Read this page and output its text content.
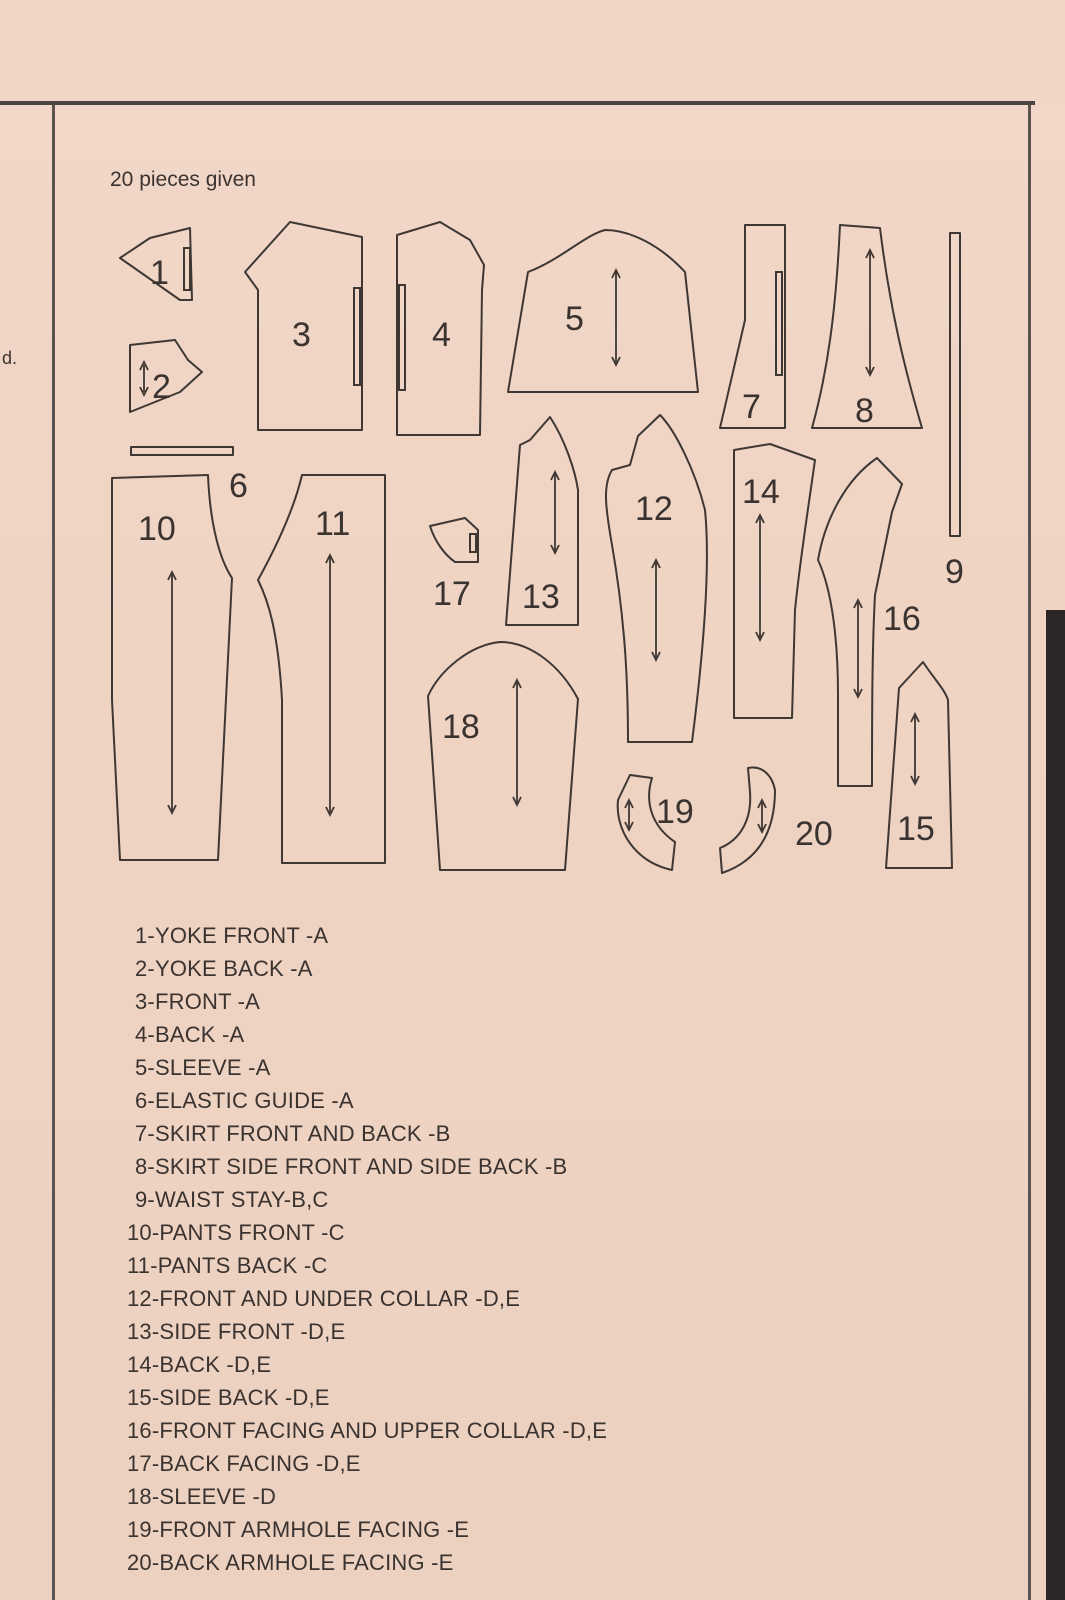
d.
20 pieces given
1
2
3	4	5
6
7	8
9
10	11	12
13
14
16
15
17
18
19
20
1-YOKE FRONT -A
2-YOKE BACK -A
3-FRONT -A
4-BACK -A
5-SLEEVE -A
6-ELASTIC GUIDE -A
7-SKIRT FRONT AND BACK -B
8-SKIRT SIDE FRONT AND SIDE BACK -B
9-WAIST STAY-B,C
10-PANTS FRONT -C
11-PANTS BACK -C
12-FRONT AND UNDER COLLAR -D,E
13-SIDE FRONT -D,E
14-BACK -D,E
15-SIDE BACK -D,E
16-FRONT FACING AND UPPER COLLAR -D,E
17-BACK FACING -D,E
18-SLEEVE -D
19-FRONT ARMHOLE FACING -E
20-BACK ARMHOLE FACING -E
